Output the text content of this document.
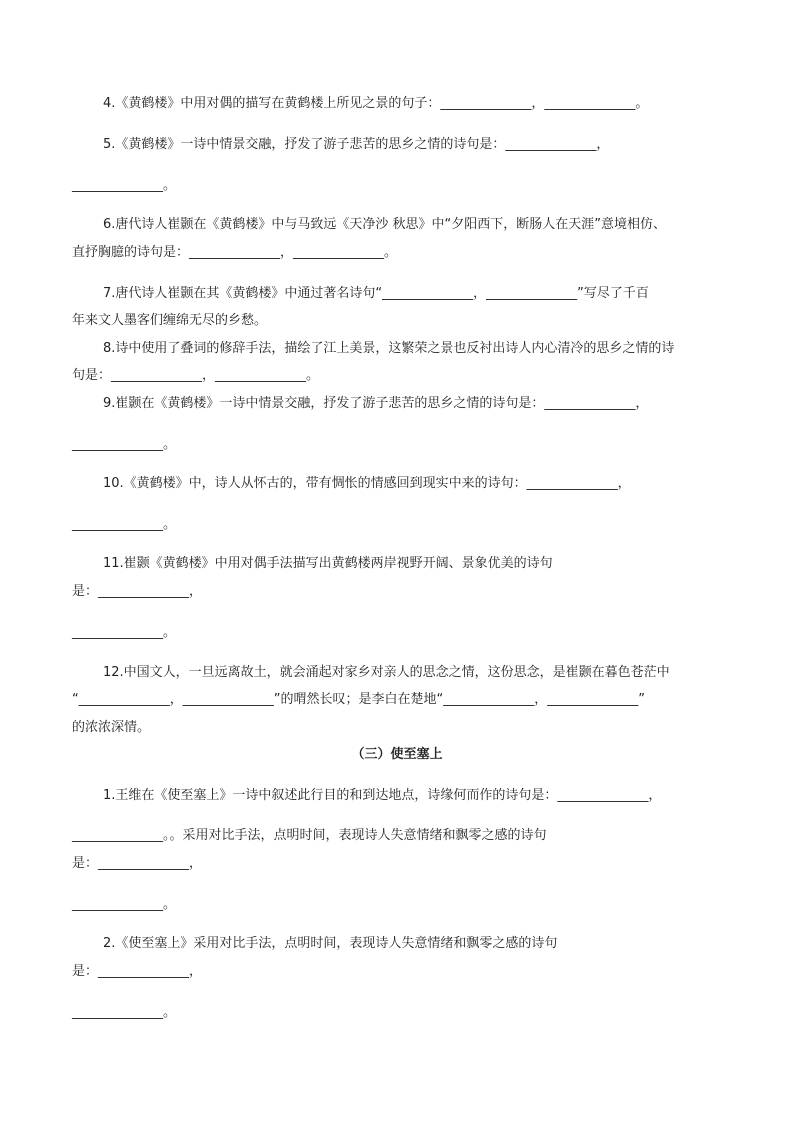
4.《黄鹤楼》中用对偶的描写在黄鹤楼上所见之景的句子：______________，______________。
5.《黄鹤楼》一诗中情景交融，抒发了游子悲苦的思乡之情的诗句是：______________，
______________。
6.唐代诗人崔颢在《黄鹤楼》中与马致远《天净沙 秋思》中“夕阳西下，断肠人在天涯”意境相仿、
直抒胸臆的诗句是：______________，______________。
7.唐代诗人崔颢在其《黄鹤楼》中通过著名诗句“______________，______________”写尽了千百
年来文人墨客们缠绵无尽的乡愁。
8.诗中使用了叠词的修辞手法，描绘了江上美景，这繁荣之景也反衬出诗人内心清冷的思乡之情的诗
句是：______________，______________。
9.崔颢在《黄鹤楼》一诗中情景交融，抒发了游子悲苦的思乡之情的诗句是：______________，
______________。
10.《黄鹤楼》中，诗人从怀古的，带有惆怅的情感回到现实中来的诗句：______________，
______________。
11.崔颢《黄鹤楼》中用对偶手法描写出黄鹤楼两岸视野开阔、景象优美的诗句
是：______________，
______________。
12.中国文人，一旦远离故土，就会涌起对家乡对亲人的思念之情，这份思念，是崔颢在暮色苍茫中
“______________，______________”的喟然长叹；是李白在楚地“______________，______________”
的浓浓深情。
（三）使至塞上
1.王维在《使至塞上》一诗中叙述此行目的和到达地点，诗缘何而作的诗句是：______________，
______________。。采用对比手法，点明时间，表现诗人失意情绪和飘零之感的诗句
是：______________，
______________。
2.《使至塞上》采用对比手法，点明时间，表现诗人失意情绪和飘零之感的诗句
是：______________，
______________。
